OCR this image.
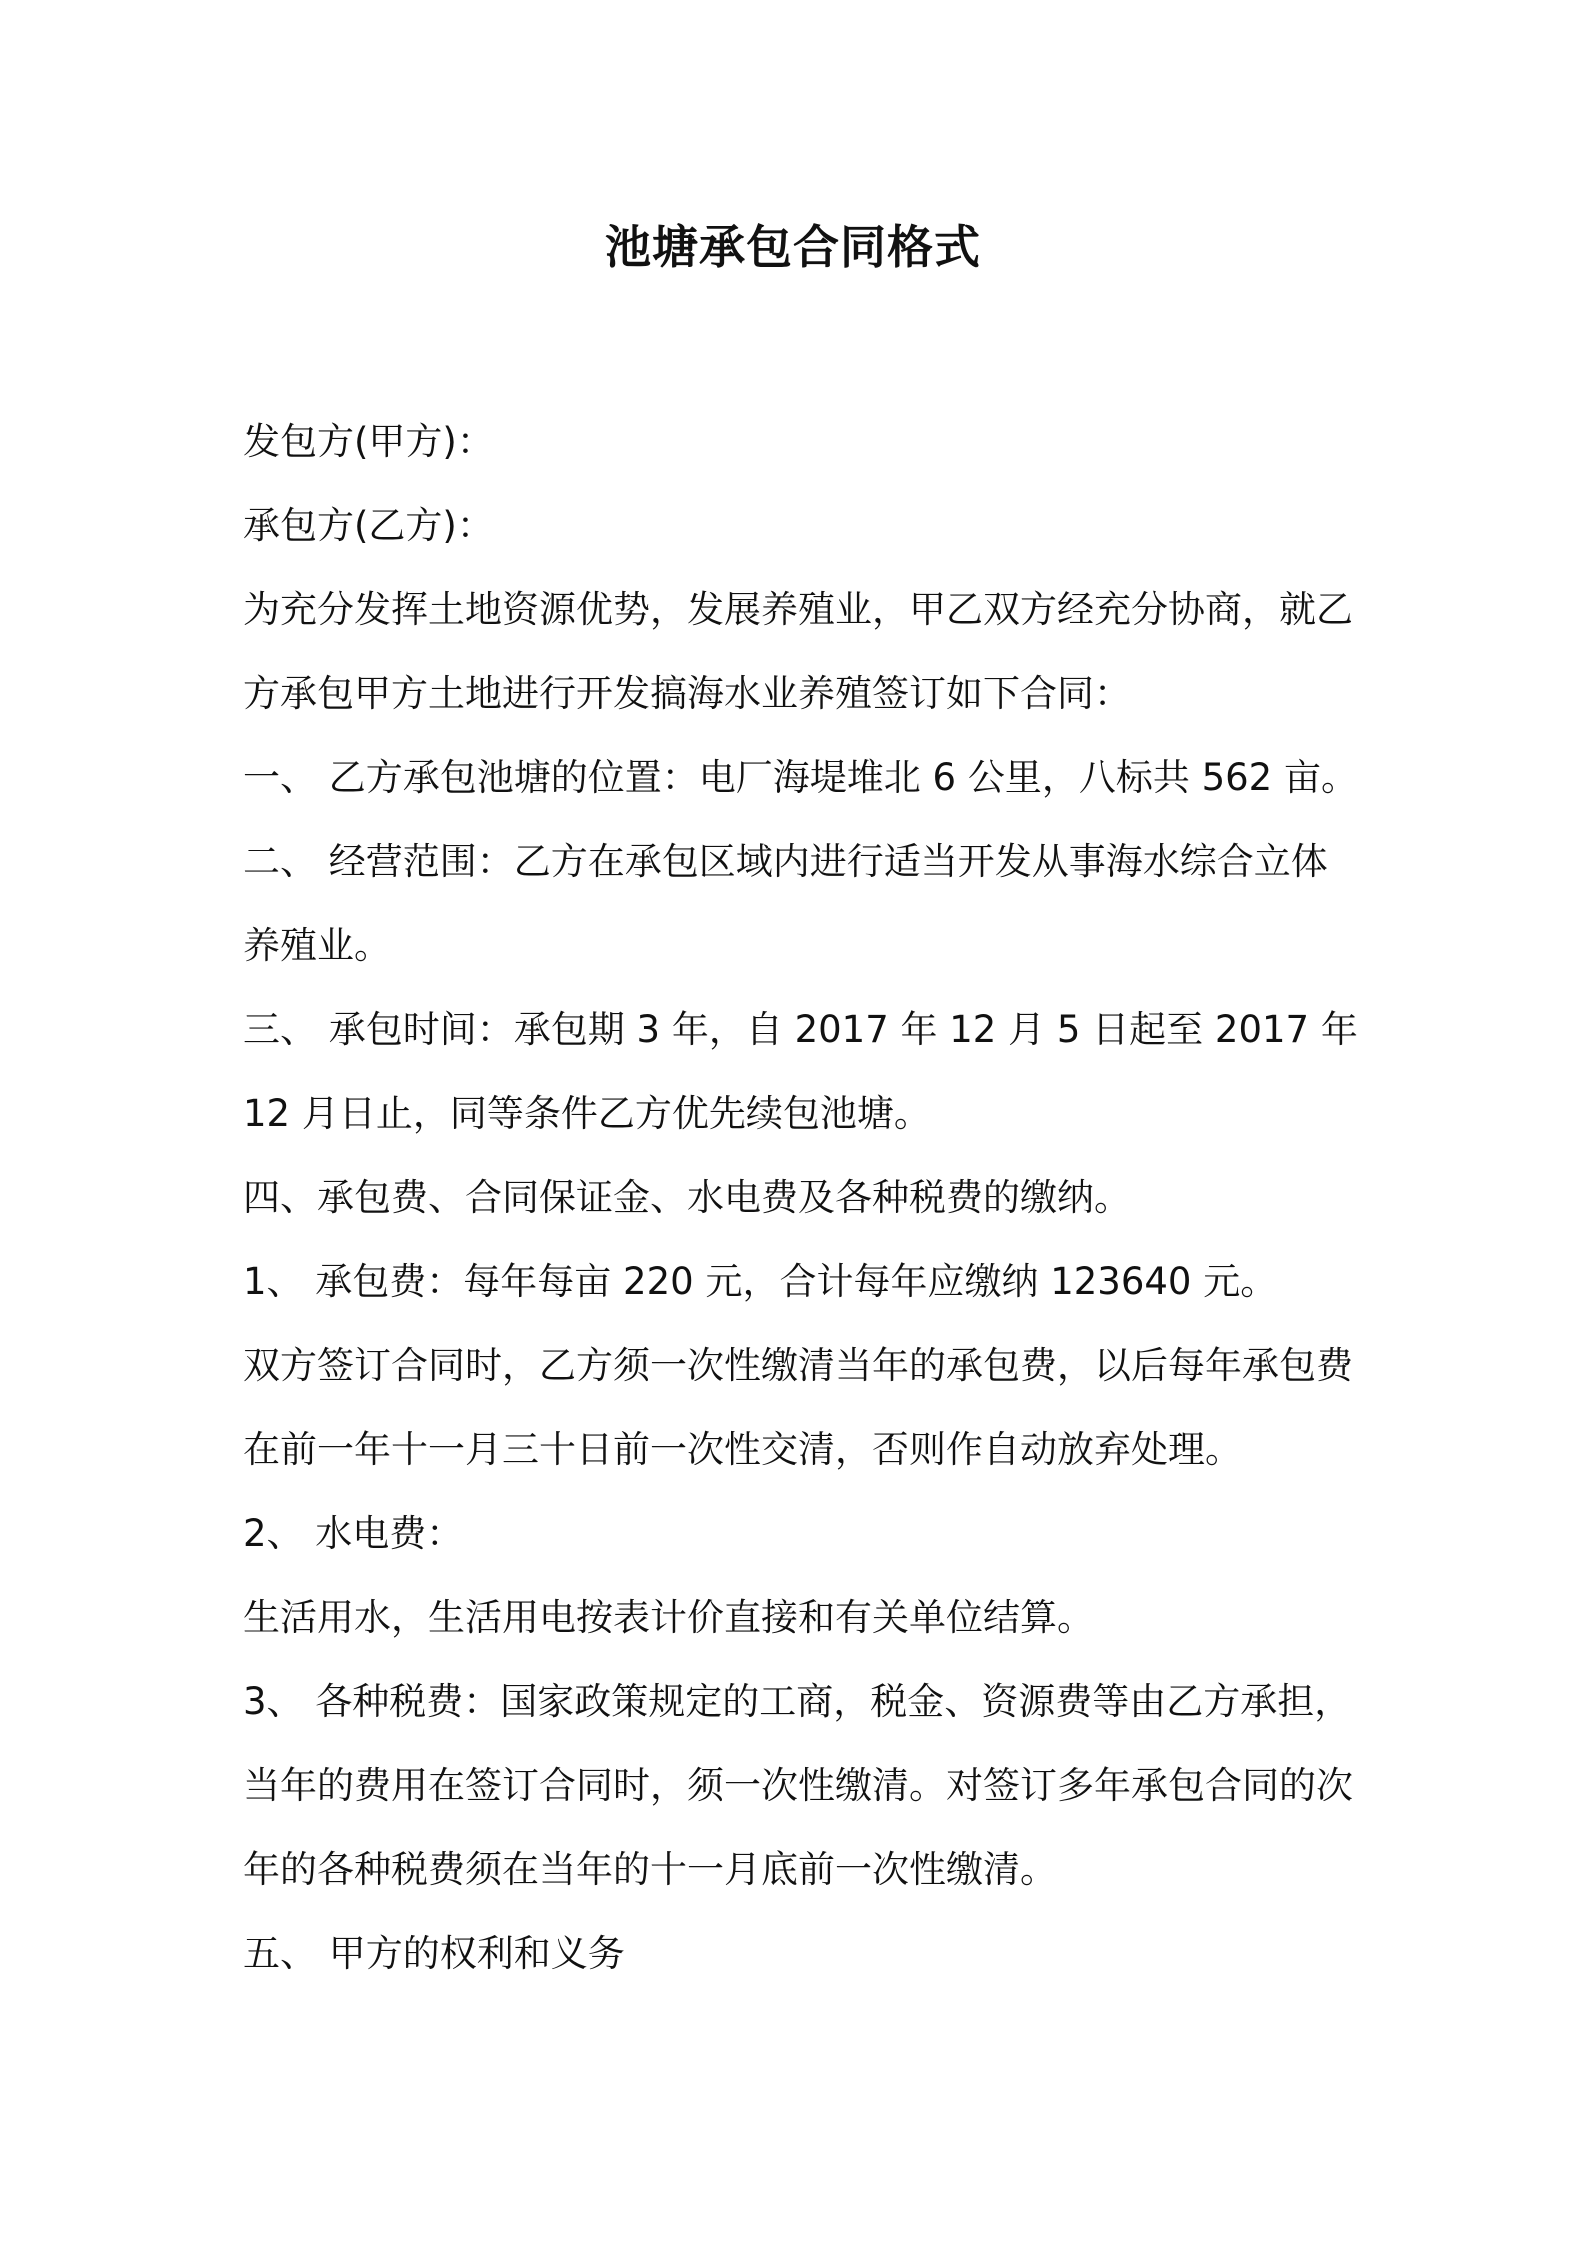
池塘承包合同格式
发包方(甲方)：
承包方(乙方)：
为充分发挥土地资源优势，发展养殖业，甲乙双方经充分协商，就乙
方承包甲方土地进行开发搞海水业养殖签订如下合同：
一、 乙方承包池塘的位置：电厂海堤堆北 6 公里，八标共 562 亩。
二、 经营范围：乙方在承包区域内进行适当开发从事海水综合立体
养殖业。
三、 承包时间：承包期 3 年，自 2017 年 12 月 5 日起至 2017 年
12 月日止，同等条件乙方优先续包池塘。
四、承包费、合同保证金、水电费及各种税费的缴纳。
1、 承包费：每年每亩 220 元，合计每年应缴纳 123640 元。
双方签订合同时，乙方须一次性缴清当年的承包费，以后每年承包费
在前一年十一月三十日前一次性交清，否则作自动放弃处理。
2、 水电费：
生活用水，生活用电按表计价直接和有关单位结算。
3、 各种税费：国家政策规定的工商，税金、资源费等由乙方承担，
当年的费用在签订合同时，须一次性缴清。对签订多年承包合同的次
年的各种税费须在当年的十一月底前一次性缴清。
五、 甲方的权利和义务
